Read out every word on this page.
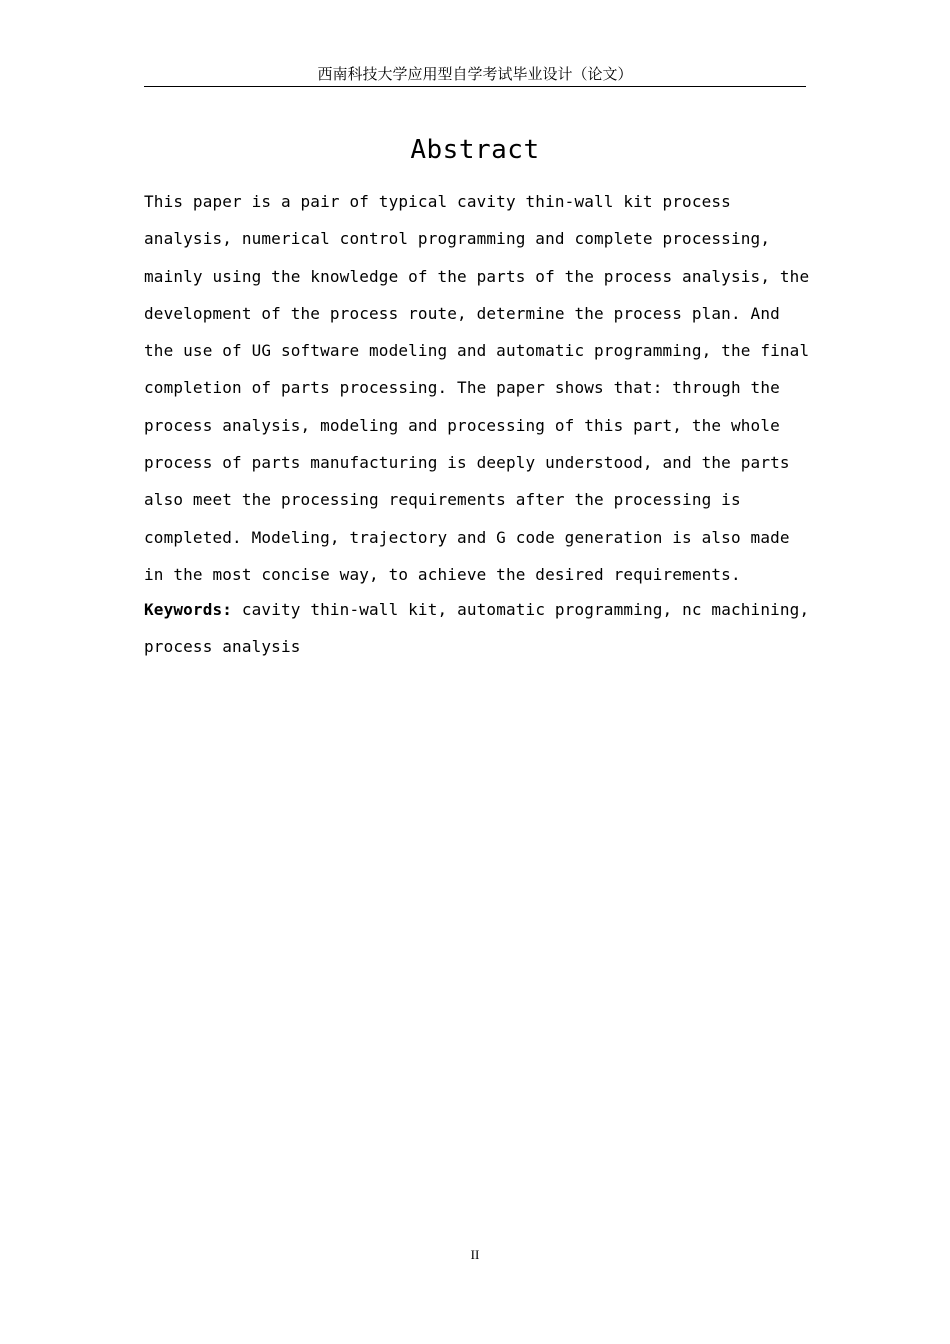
西南科技大学应用型自学考试毕业设计（论文）
Abstract

This paper is a pair of typical cavity thin-wall kit process analysis, numerical control programming and complete processing, mainly using the knowledge of the parts of the process analysis, the development of the process route, determine the process plan. And the use of UG software modeling and automatic programming, the final completion of parts processing. The paper shows that: through the process analysis, modeling and processing of this part, the whole process of parts manufacturing is deeply understood, and the parts also meet the processing requirements after the processing is completed. Modeling, trajectory and G code generation is also made in the most concise way, to achieve the desired requirements.

Keywords: cavity thin-wall kit, automatic programming, nc machining, process analysis

II
